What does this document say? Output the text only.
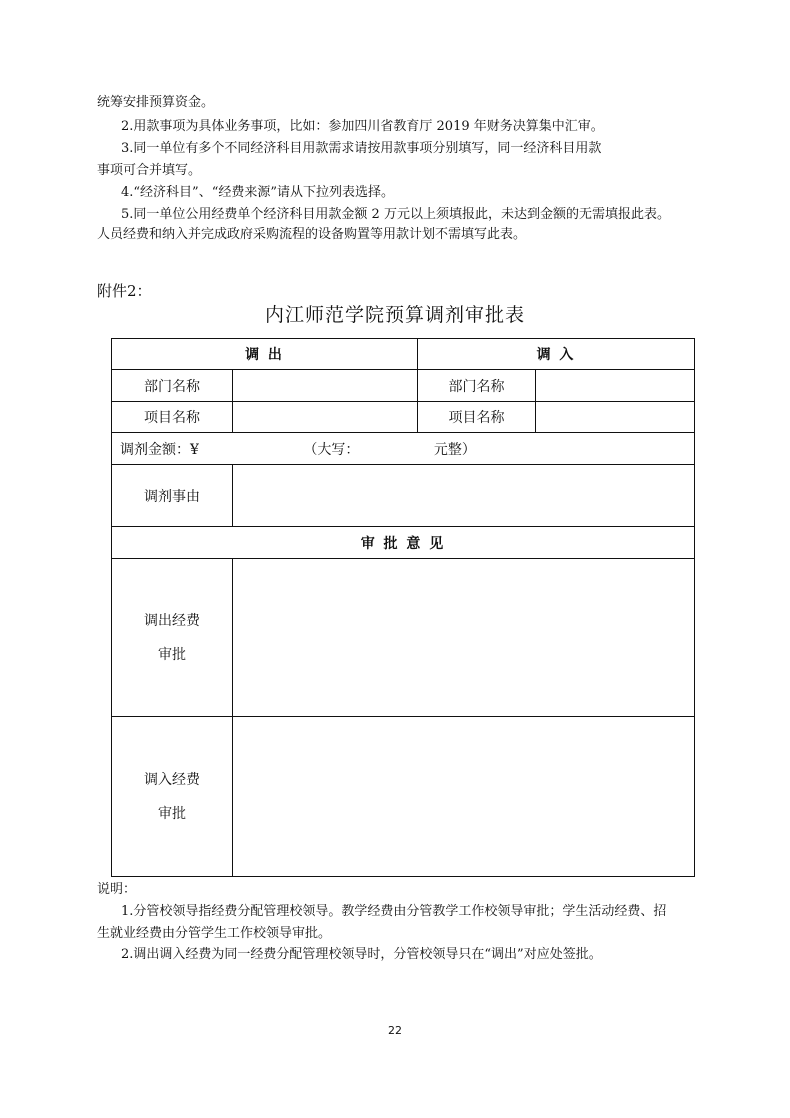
统筹安排预算资金。
2.用款事项为具体业务事项，比如：参加四川省教育厅 2019 年财务决算集中汇审。
3.同一单位有多个不同经济科目用款需求请按用款事项分别填写，同一经济科目用款
事项可合并填写。
4.“经济科目”、“经费来源”请从下拉列表选择。
5.同一单位公用经费单个经济科目用款金额 2 万元以上须填报此，未达到金额的无需填报此表。
人员经费和纳入并完成政府采购流程的设备购置等用款计划不需填写此表。
附件2：
内江师范学院预算调剂审批表
调 出		调 入	
部门名称		部门名称	
项目名称		项目名称	
调剂金额：¥ （大写： 元整）			
调剂事由			
审 批 意 见			

调出经费
审批			

调入经费
审批			

说明：
1.分管校领导指经费分配管理校领导。教学经费由分管教学工作校领导审批；学生活动经费、招
生就业经费由分管学生工作校领导审批。
2.调出调入经费为同一经费分配管理校领导时，分管校领导只在“调出”对应处签批。
22
